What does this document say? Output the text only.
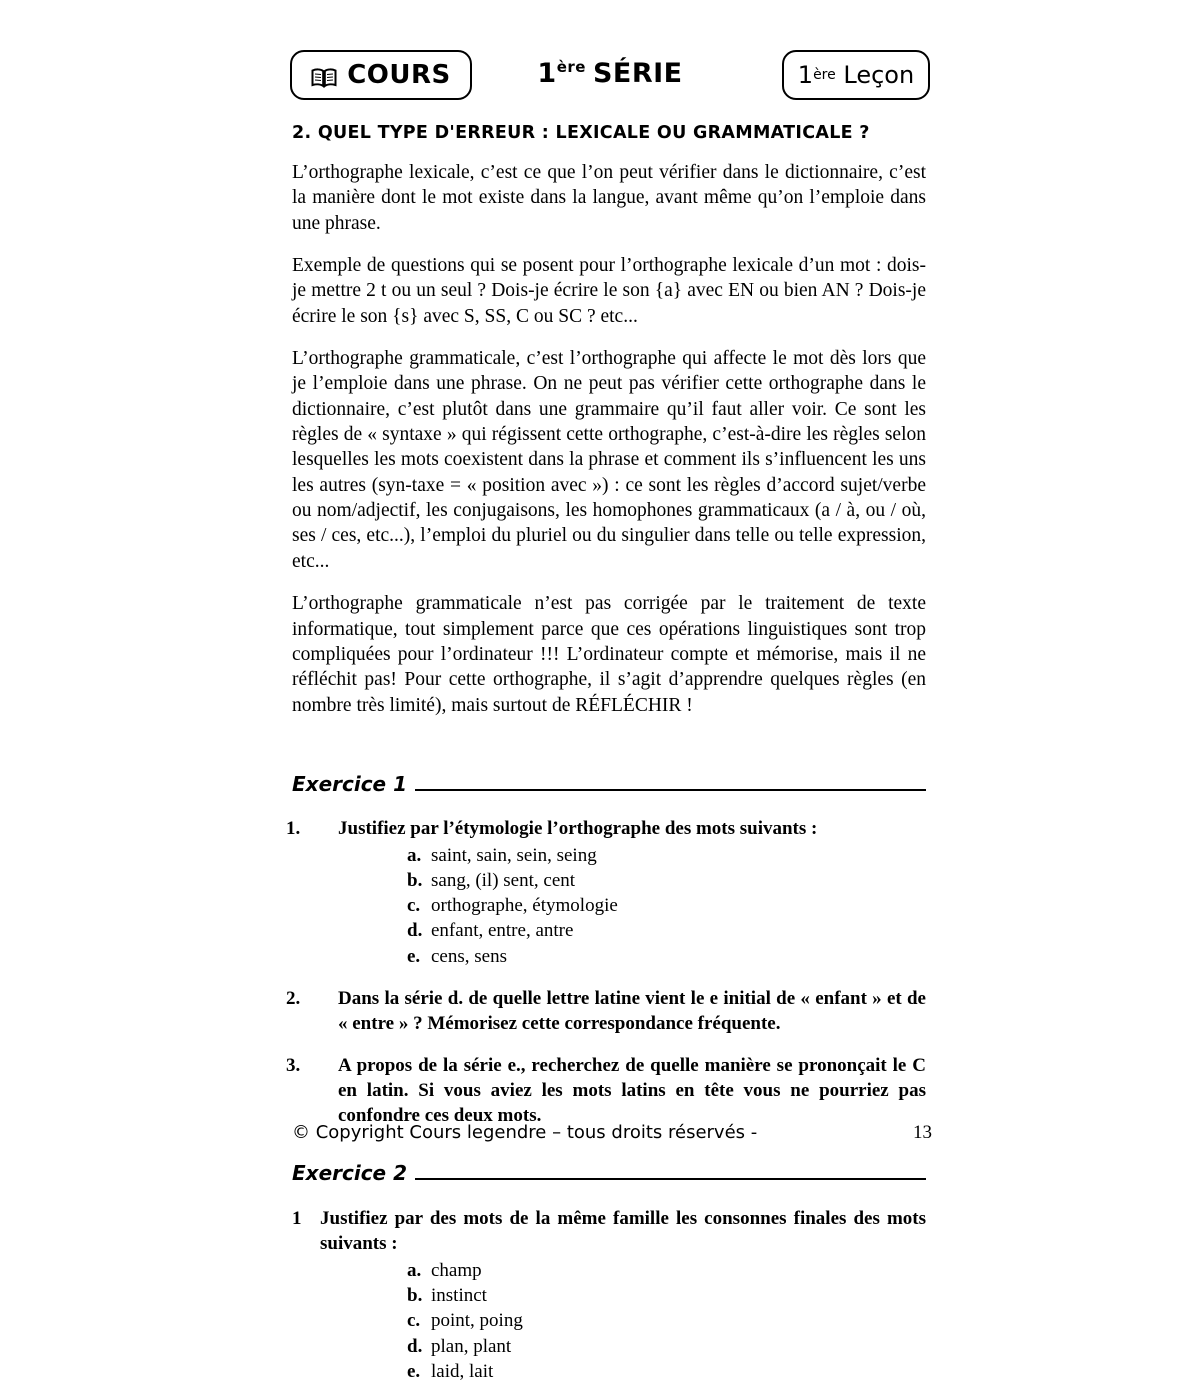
COURS	1ère SÉRIE	1 ère
Leçon
2. QUEL TYPE D'ERREUR : LEXICALE OU GRAMMATICALE ?

L’orthographe lexicale, c’est ce que l’on peut vérifier dans le dictionnaire, c’est la manière dont le mot existe dans la langue, avant même qu’on l’emploie dans une phrase.

Exemple de questions qui se posent pour l’orthographe lexicale d’un mot : dois-je mettre 2 t ou un seul ? Dois-je écrire le son {a} avec EN ou bien AN ? Dois-je écrire le son {s} avec S, SS, C ou SC ? etc...

L’orthographe grammaticale, c’est l’orthographe qui affecte le mot dès lors que je l’emploie dans une phrase. On ne peut pas vérifier cette orthographe dans le dictionnaire, c’est plutôt dans une grammaire qu’il faut aller voir. Ce sont les règles de « syntaxe » qui régissent cette orthographe, c’est-à-dire les règles selon lesquelles les mots coexistent dans la phrase et comment ils s’influencent les uns les autres (syn-taxe = « position avec ») : ce sont les règles d’accord sujet/verbe ou nom/adjectif, les conjugaisons, les homophones grammaticaux (a / à, ou / où, ses / ces, etc...), l’emploi du pluriel ou du singulier dans telle ou telle expression, etc...

L’orthographe grammaticale n’est pas corrigée par le traitement de texte informatique, tout simplement parce que ces opérations linguistiques sont trop compliquées pour l’ordinateur !!! L’ordinateur compte et mémorise, mais il ne réfléchit pas! Pour cette orthographe, il s’agit d’apprendre quelques règles (en nombre très limité), mais surtout de RÉFLÉCHIR !

Exercice 1
1. Justifiez par l’étymologie l’orthographe des mots suivants :
a. saint, sain, sein, seing
b. sang, (il) sent, cent
c. orthographe, étymologie
d. enfant, entre, antre
e. cens, sens
2. Dans la série d. de quelle lettre latine vient le e initial de « enfant » et de « entre » ? Mémorisez cette correspondance fréquente.
3. A propos de la série e., recherchez de quelle manière se prononçait le C en latin. Si vous aviez les mots latins en tête vous ne pourriez pas confondre ces deux mots.
Exercice 2
1 Justifiez par des mots de la même famille les consonnes finales des mots suivants :
a. champ
b. instinct
c. point, poing
d. plan, plant
e. laid, lait
© Copyright Cours legendre – tous droits réservés -	13
